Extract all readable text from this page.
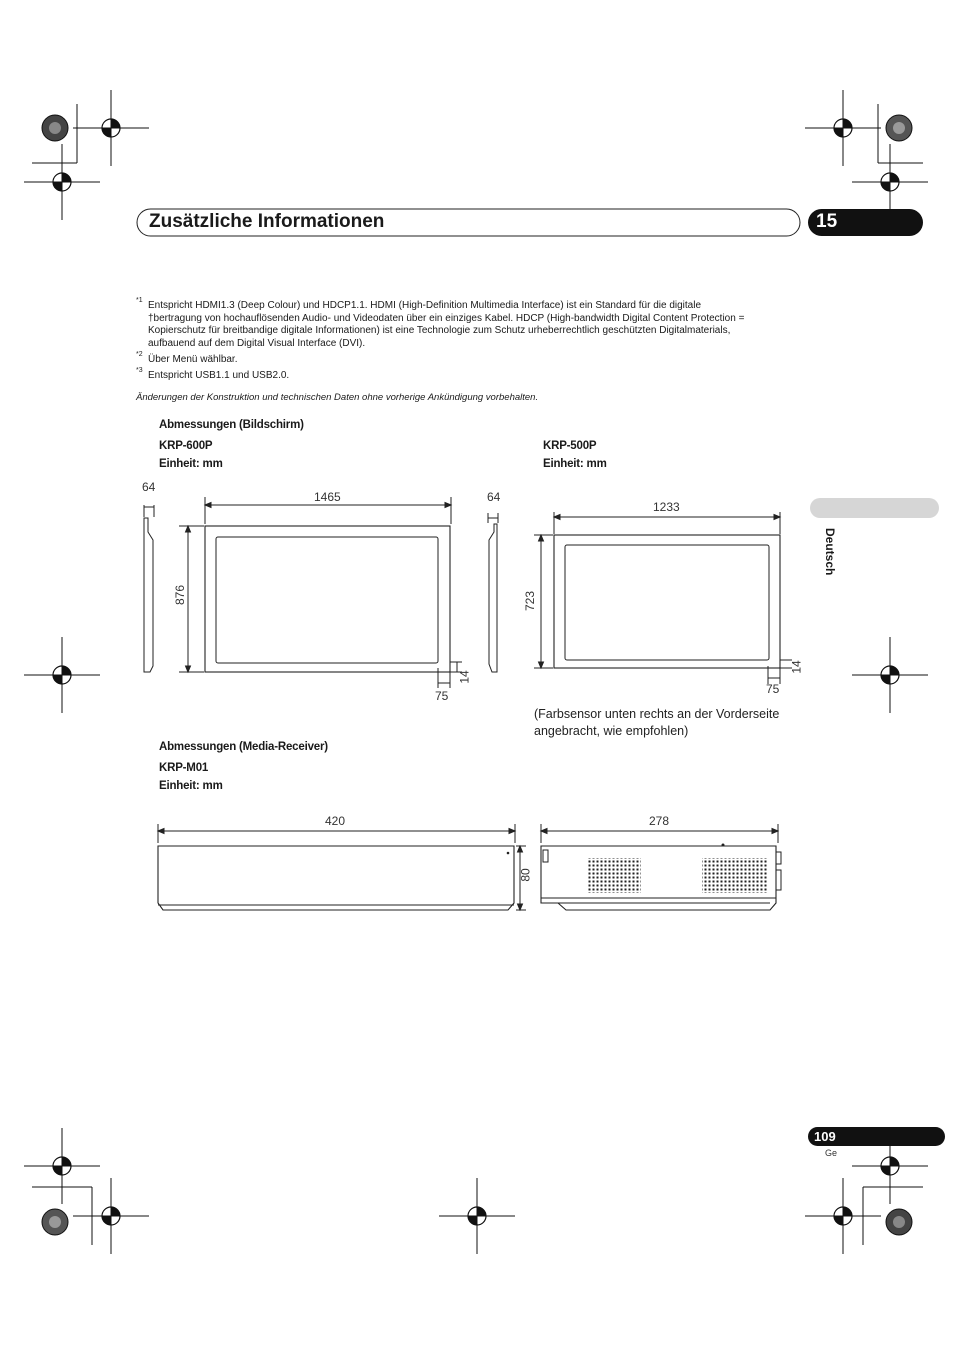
Zusätzliche Informationen	15
*1 Entspricht HDMI1.3 (Deep Colour) und HDCP1.1. HDMI (High-Definition Multimedia Interface) ist ein Standard für die digitale
†bertragung von hochauflösenden Audio- und Videodaten über ein einziges Kabel. HDCP (High-bandwidth Digital Content Protection =
Kopierschutz für breitbandige digitale Informationen) ist eine Technologie zum Schutz urheberrechtlich geschützten Digitalmaterials,
aufbauend auf dem Digital Visual Interface (DVI).
*2 Über Menü wählbar.
*3 Entspricht USB1.1 und USB2.0.
Änderungen der Konstruktion und technischen Daten ohne vorherige Ankündigung vorbehalten.
Abmessungen (Bildschirm)
KRP-600P
Einheit: mm
KRP-500P
Einheit: mm
64
1465	64
876
14
75
1233
723
14
75
(Farbsensor unten rechts an der Vorderseite
angebracht, wie empfohlen)
Abmessungen (Media-Receiver)
KRP-M01
Einheit: mm
420
80
278
Deutsch
109
Ge
